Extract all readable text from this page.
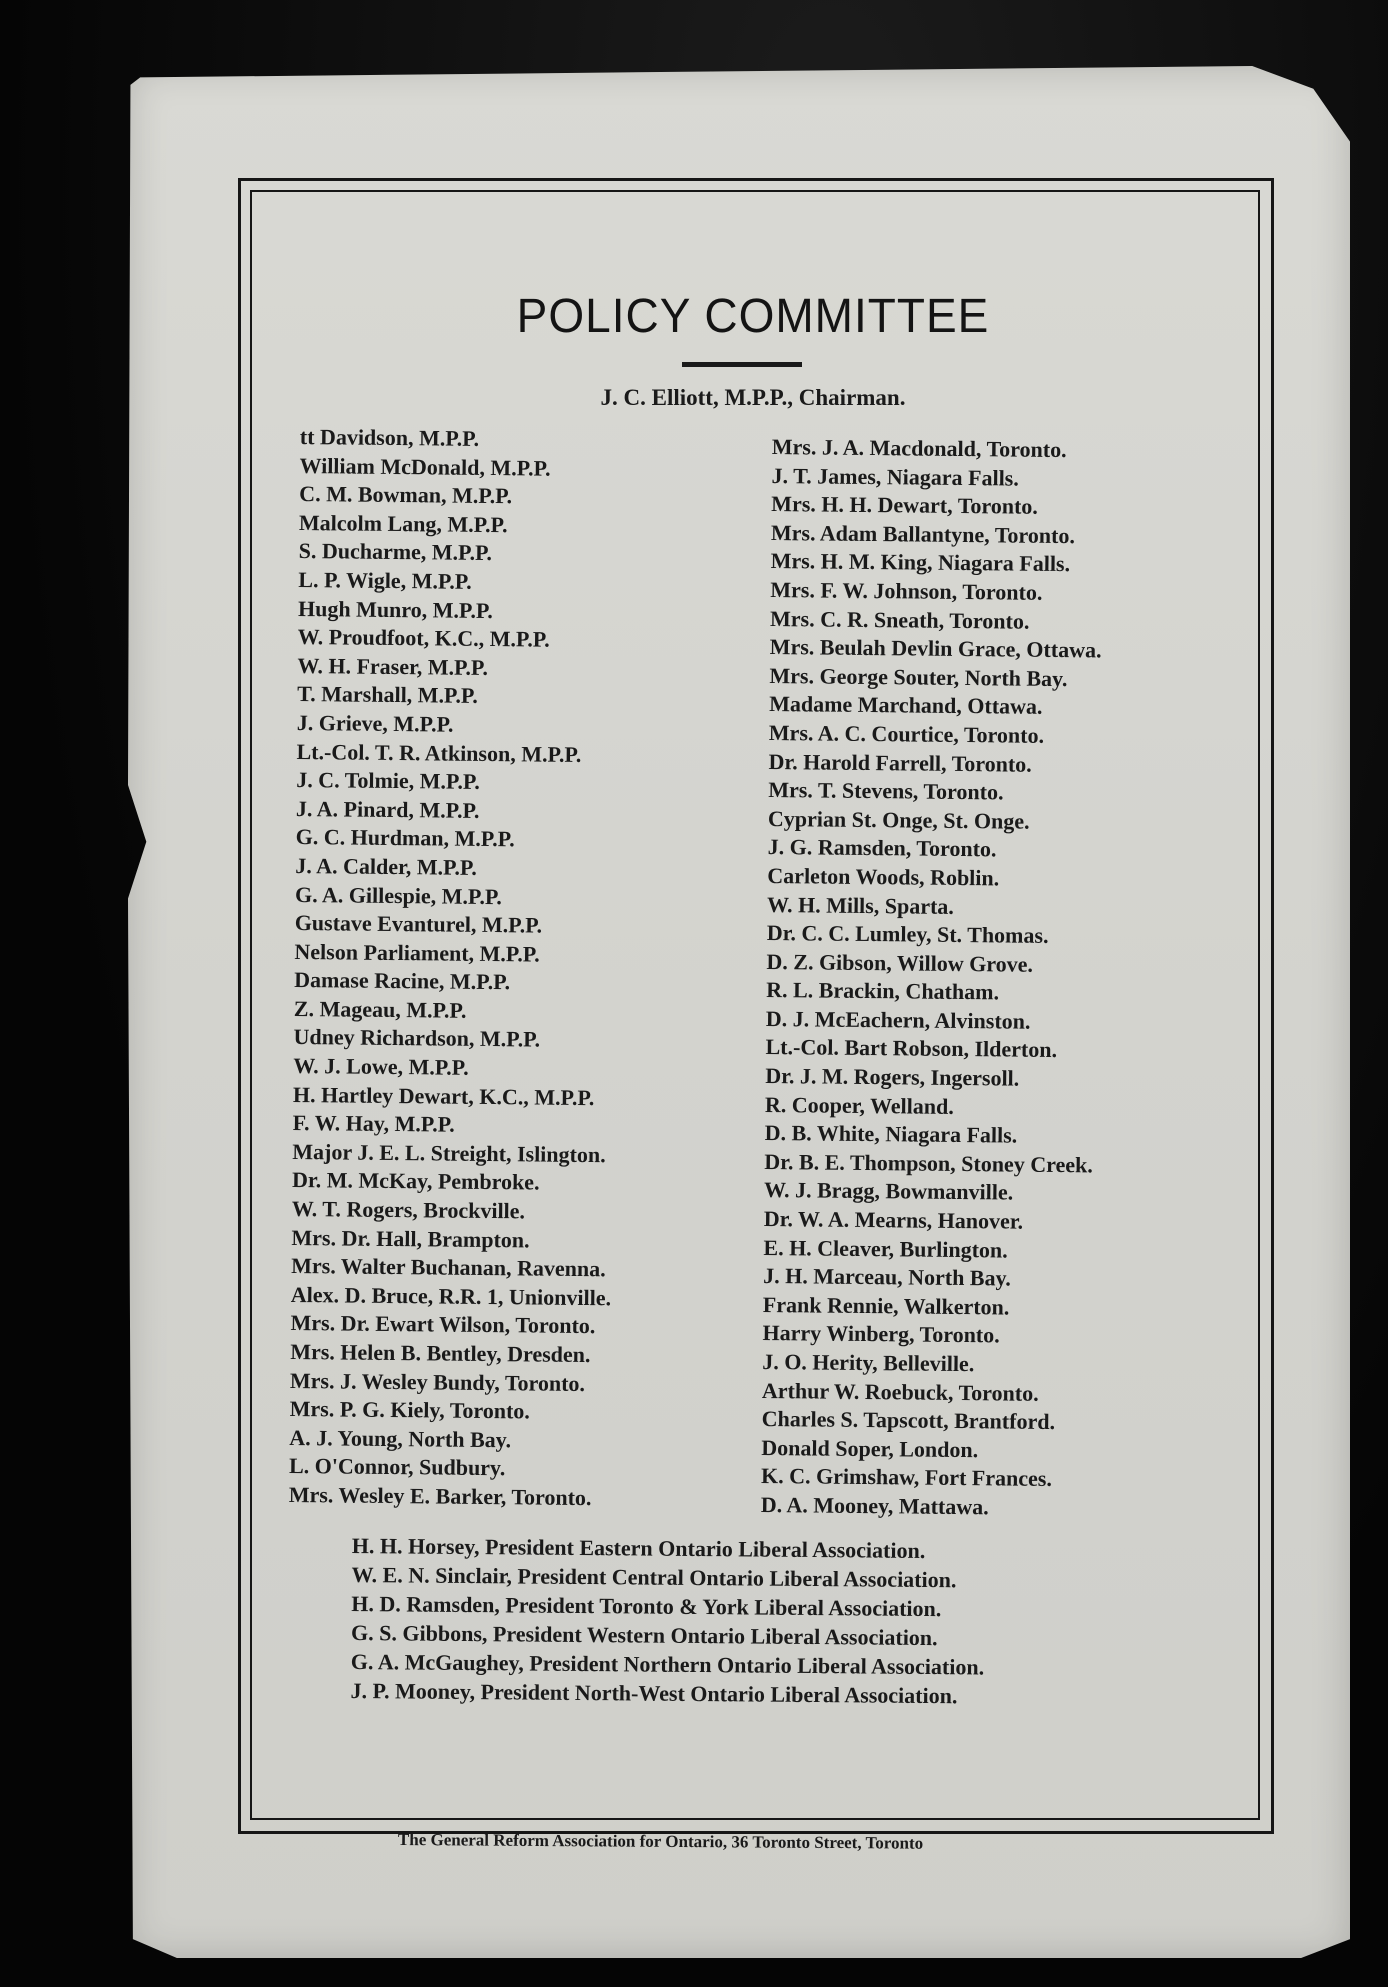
POLICY COMMITTEE
J. C. Elliott, M.P.P., Chairman.
tt Davidson, M.P.P.
William McDonald, M.P.P.
C. M. Bowman, M.P.P.
Malcolm Lang, M.P.P.
S. Ducharme, M.P.P.
L. P. Wigle, M.P.P.
Hugh Munro, M.P.P.
W. Proudfoot, K.C., M.P.P.
W. H. Fraser, M.P.P.
T. Marshall, M.P.P.
J. Grieve, M.P.P.
Lt.-Col. T. R. Atkinson, M.P.P.
J. C. Tolmie, M.P.P.
J. A. Pinard, M.P.P.
G. C. Hurdman, M.P.P.
J. A. Calder, M.P.P.
G. A. Gillespie, M.P.P.
Gustave Evanturel, M.P.P.
Nelson Parliament, M.P.P.
Damase Racine, M.P.P.
Z. Mageau, M.P.P.
Udney Richardson, M.P.P.
W. J. Lowe, M.P.P.
H. Hartley Dewart, K.C., M.P.P.
F. W. Hay, M.P.P.
Major J. E. L. Streight, Islington.
Dr. M. McKay, Pembroke.
W. T. Rogers, Brockville.
Mrs. Dr. Hall, Brampton.
Mrs. Walter Buchanan, Ravenna.
Alex. D. Bruce, R.R. 1, Unionville.
Mrs. Dr. Ewart Wilson, Toronto.
Mrs. Helen B. Bentley, Dresden.
Mrs. J. Wesley Bundy, Toronto.
Mrs. P. G. Kiely, Toronto.
A. J. Young, North Bay.
L. O'Connor, Sudbury.
Mrs. Wesley E. Barker, Toronto.
Mrs. J. A. Macdonald, Toronto.
J. T. James, Niagara Falls.
Mrs. H. H. Dewart, Toronto.
Mrs. Adam Ballantyne, Toronto.
Mrs. H. M. King, Niagara Falls.
Mrs. F. W. Johnson, Toronto.
Mrs. C. R. Sneath, Toronto.
Mrs. Beulah Devlin Grace, Ottawa.
Mrs. George Souter, North Bay.
Madame Marchand, Ottawa.
Mrs. A. C. Courtice, Toronto.
Dr. Harold Farrell, Toronto.
Mrs. T. Stevens, Toronto.
Cyprian St. Onge, St. Onge.
J. G. Ramsden, Toronto.
Carleton Woods, Roblin.
W. H. Mills, Sparta.
Dr. C. C. Lumley, St. Thomas.
D. Z. Gibson, Willow Grove.
R. L. Brackin, Chatham.
D. J. McEachern, Alvinston.
Lt.-Col. Bart Robson, Ilderton.
Dr. J. M. Rogers, Ingersoll.
R. Cooper, Welland.
D. B. White, Niagara Falls.
Dr. B. E. Thompson, Stoney Creek.
W. J. Bragg, Bowmanville.
Dr. W. A. Mearns, Hanover.
E. H. Cleaver, Burlington.
J. H. Marceau, North Bay.
Frank Rennie, Walkerton.
Harry Winberg, Toronto.
J. O. Herity, Belleville.
Arthur W. Roebuck, Toronto.
Charles S. Tapscott, Brantford.
Donald Soper, London.
K. C. Grimshaw, Fort Frances.
D. A. Mooney, Mattawa.
H. H. Horsey, President Eastern Ontario Liberal Association.
W. E. N. Sinclair, President Central Ontario Liberal Association.
H. D. Ramsden, President Toronto & York Liberal Association.
G. S. Gibbons, President Western Ontario Liberal Association.
G. A. McGaughey, President Northern Ontario Liberal Association.
J. P. Mooney, President North-West Ontario Liberal Association.
The General Reform Association for Ontario, 36 Toronto Street, Toronto
